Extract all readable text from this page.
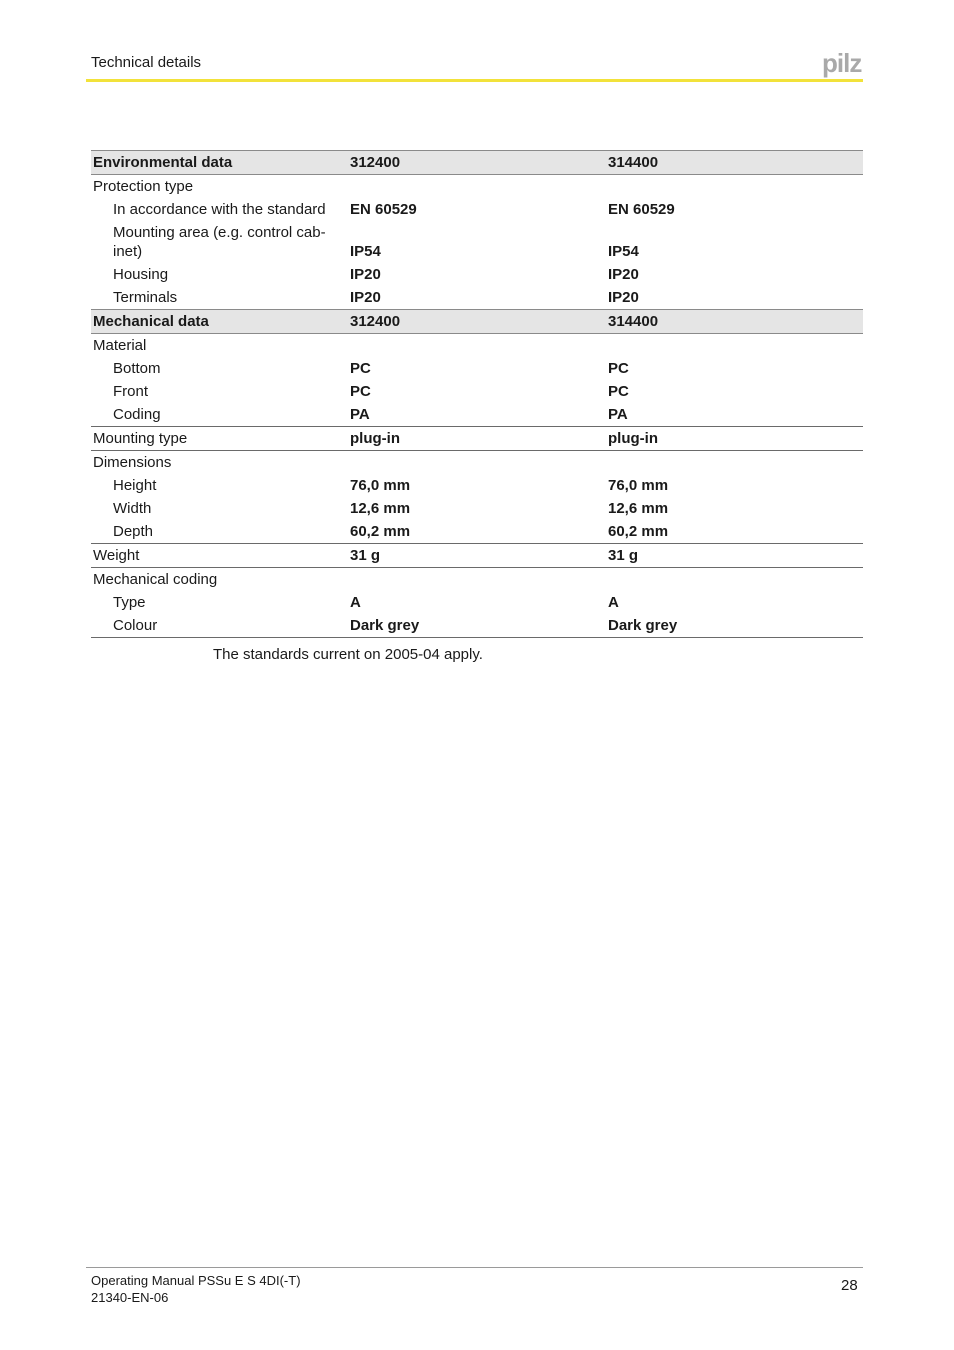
Technical details	pilz
Environmental data	312400	314400
Protection type		
In accordance with the standard	EN 60529	EN 60529
Mounting area (e.g. control cab-
inet)	IP54	IP54
Housing	IP20	IP20
Terminals	IP20	IP20
Mechanical data	312400	314400
Material		
Bottom	PC	PC
Front	PC	PC
Coding	PA	PA
Mounting type	plug-in	plug-in
Dimensions		
Height	76,0 mm	76,0 mm
Width	12,6 mm	12,6 mm
Depth	60,2 mm	60,2 mm
Weight	31 g	31 g
Mechanical coding		
Type	A	A
Colour	Dark grey	Dark grey
The standards current on 2005-04 apply.
Operating Manual PSSu E S 4DI(-T)
21340-EN-06
28
